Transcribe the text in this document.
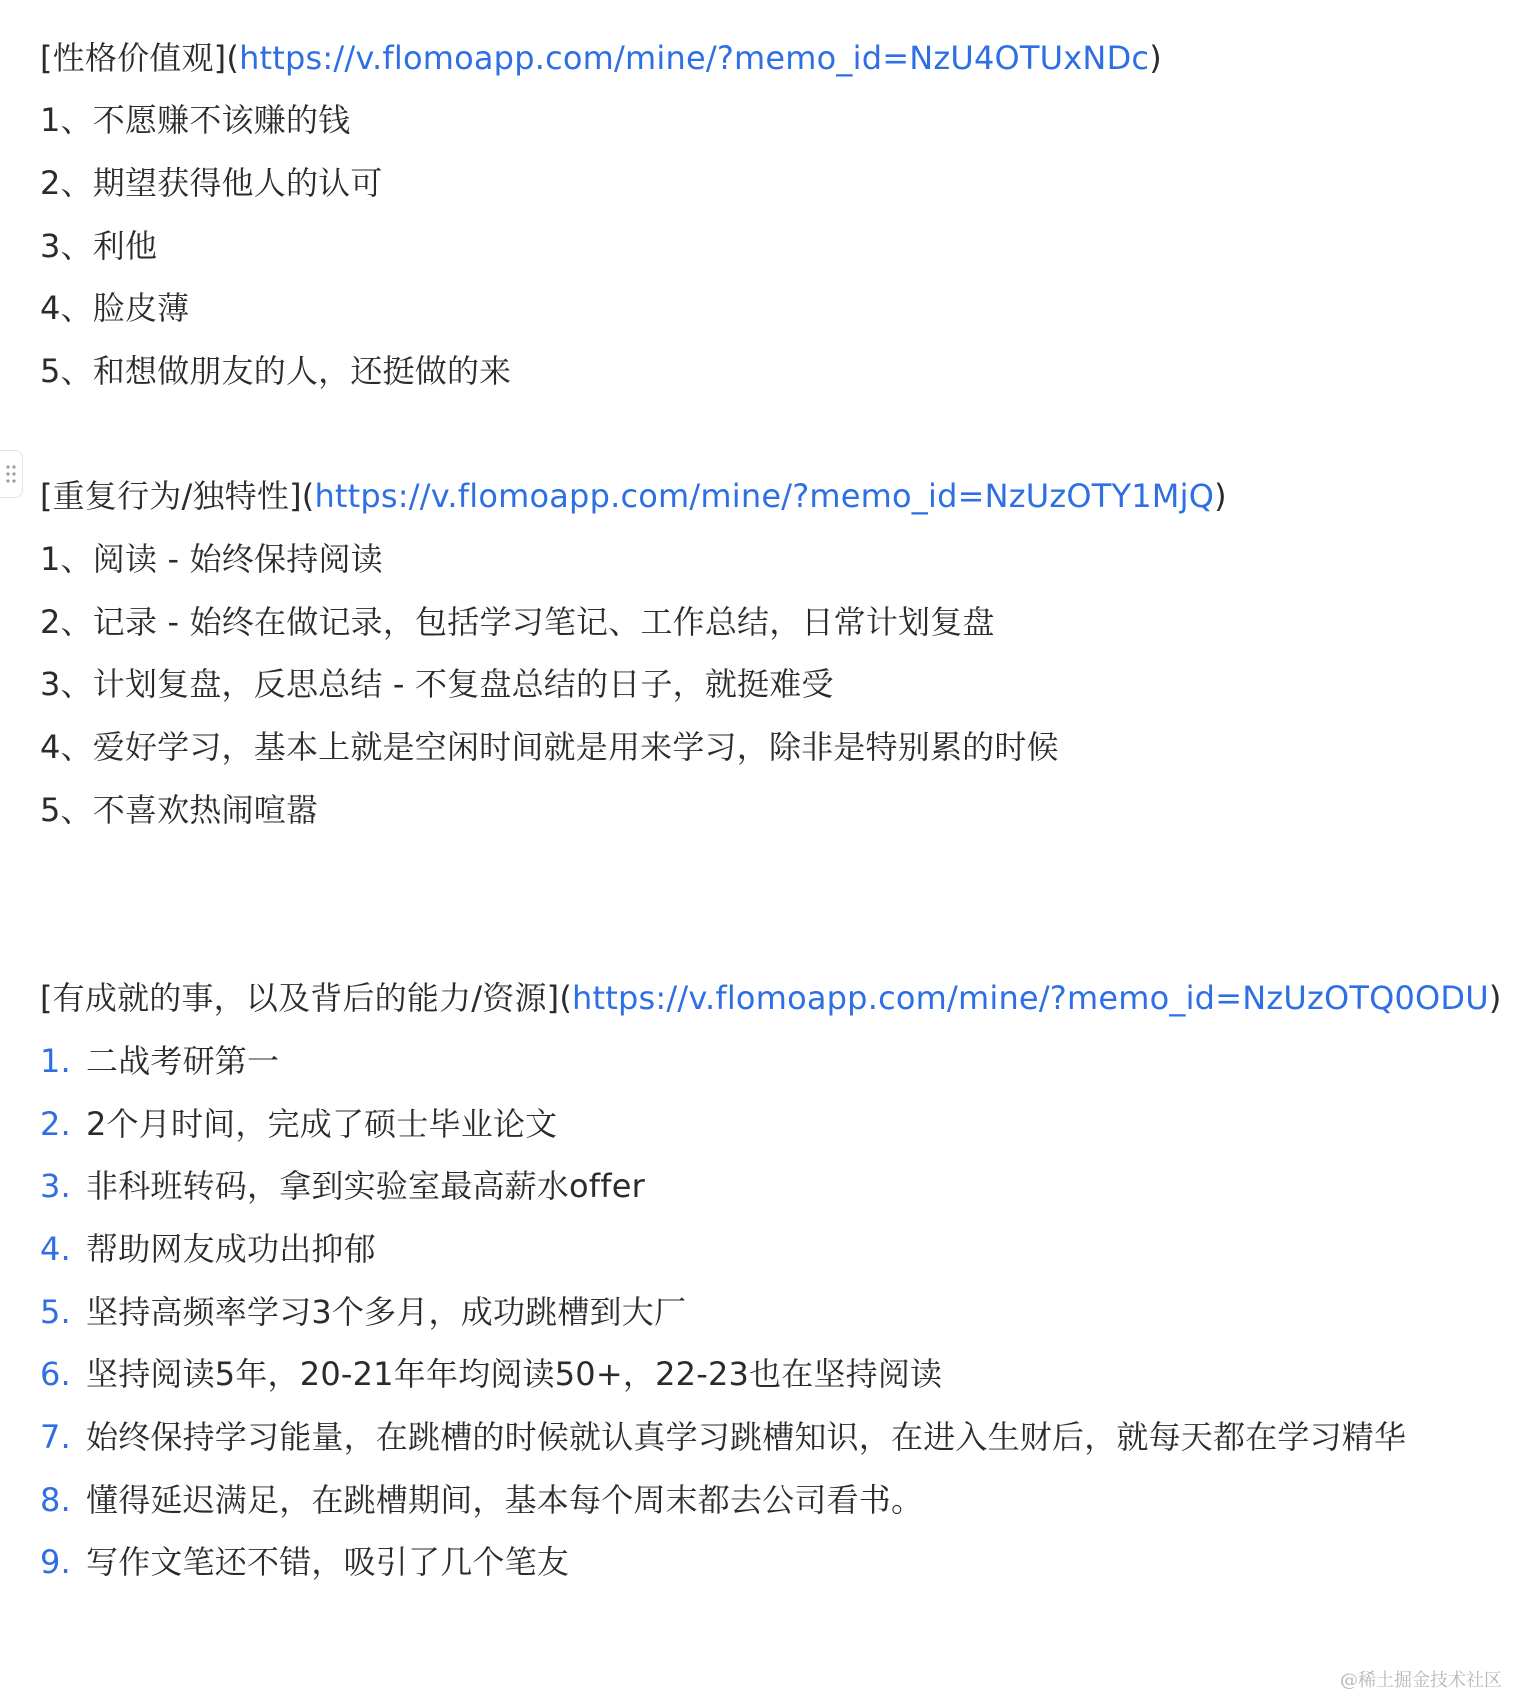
[性格价值观](https://v.flomoapp.com/mine/?memo_id=NzU4OTUxNDc)
1、不愿赚不该赚的钱
2、期望获得他人的认可
3、利他
4、脸皮薄
5、和想做朋友的人，还挺做的来
[重复行为/独特性](https://v.flomoapp.com/mine/?memo_id=NzUzOTY1MjQ)
1、阅读 - 始终保持阅读
2、记录 - 始终在做记录，包括学习笔记、工作总结，日常计划复盘
3、计划复盘，反思总结 - 不复盘总结的日子，就挺难受
4、爱好学习，基本上就是空闲时间就是用来学习，除非是特别累的时候
5、不喜欢热闹喧嚣
[有成就的事，以及背后的能力/资源](https://v.flomoapp.com/mine/?memo_id=NzUzOTQ0ODU)
1. 二战考研第一
2. 2个月时间，完成了硕士毕业论文
3. 非科班转码，拿到实验室最高薪水offer
4. 帮助网友成功出抑郁
5. 坚持高频率学习3个多月，成功跳槽到大厂
6. 坚持阅读5年，20-21年年均阅读50+，22-23也在坚持阅读
7. 始终保持学习能量，在跳槽的时候就认真学习跳槽知识，在进入生财后，就每天都在学习精华
8. 懂得延迟满足，在跳槽期间，基本每个周末都去公司看书。
9. 写作文笔还不错，吸引了几个笔友
@稀土掘金技术社区
